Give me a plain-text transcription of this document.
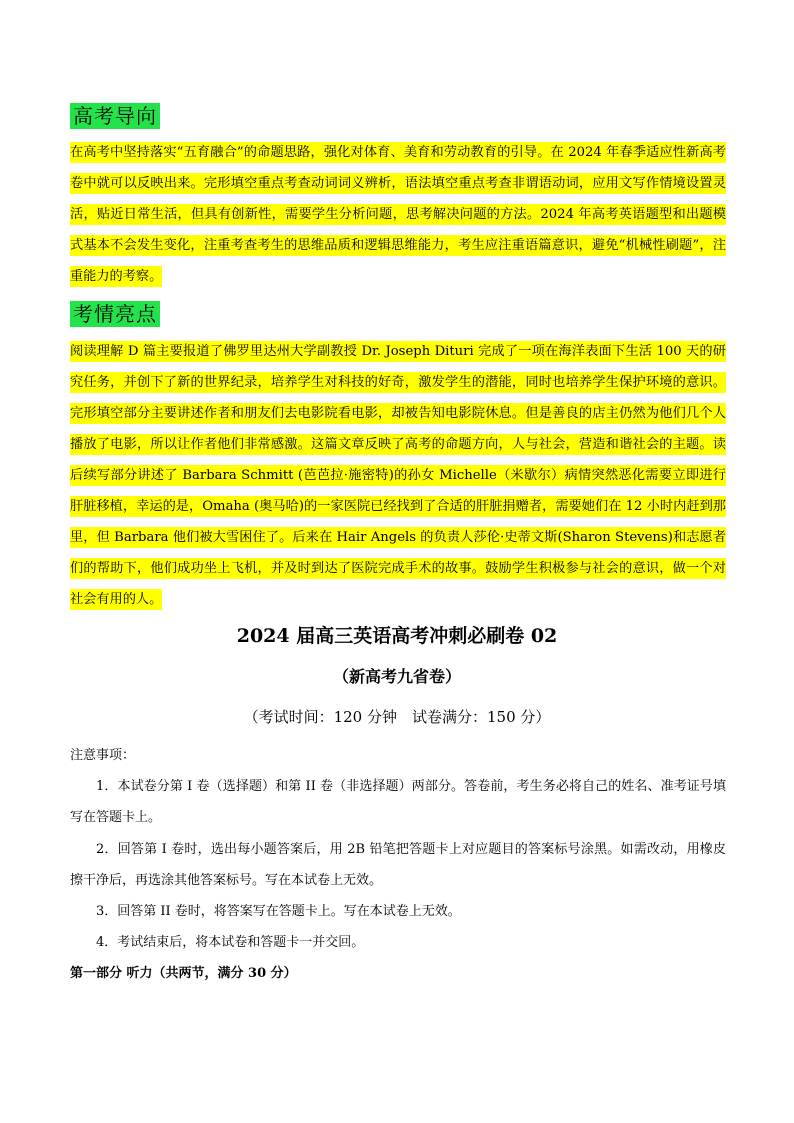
高考导向

在高考中坚持落实“五育融合”的命题思路，强化对体育、美育和劳动教育的引导。在 2024 年春季适应性新高考卷中就可以反映出来。完形填空重点考查动词词义辨析，语法填空重点考查非谓语动词，应用文写作情境设置灵活，贴近日常生活，但具有创新性，需要学生分析问题，思考解决问题的方法。2024 年高考英语题型和出题模式基本不会发生变化，注重考查考生的思维品质和逻辑思维能力，考生应注重语篇意识，避免“机械性刷题”，注重能力的考察。

考情亮点

阅读理解 D 篇主要报道了佛罗里达州大学副教授 Dr. Joseph Dituri 完成了一项在海洋表面下生活 100 天的研究任务，并创下了新的世界纪录，培养学生对科技的好奇，激发学生的潜能，同时也培养学生保护环境的意识。完形填空部分主要讲述作者和朋友们去电影院看电影，却被告知电影院休息。但是善良的店主仍然为他们几个人播放了电影，所以让作者他们非常感激。这篇文章反映了高考的命题方向，人与社会，营造和谐社会的主题。读后续写部分讲述了 Barbara Schmitt (芭芭拉·施密特)的孙女 Michelle（米歇尔）病情突然恶化需要立即进行肝脏移植，幸运的是，Omaha (奥马哈)的一家医院已经找到了合适的肝脏捐赠者，需要她们在 12 小时内赶到那里，但 Barbara 他们被大雪困住了。后来在 Hair Angels 的负责人莎伦·史蒂文斯(Sharon Stevens)和志愿者们的帮助下，他们成功坐上飞机，并及时到达了医院完成手术的故事。鼓励学生积极参与社会的意识，做一个对社会有用的人。

2024 届高三英语高考冲刺必刷卷 02
（新高考九省卷）
（考试时间：120 分钟　试卷满分：150 分）

注意事项：

1．本试卷分第 I 卷（选择题）和第 II 卷（非选择题）两部分。答卷前，考生务必将自己的姓名、准考证号填写在答题卡上。

2．回答第 I 卷时，选出每小题答案后，用 2B 铅笔把答题卡上对应题目的答案标号涂黑。如需改动，用橡皮擦干净后，再选涂其他答案标号。写在本试卷上无效。

3．回答第 II 卷时，将答案写在答题卡上。写在本试卷上无效。

4．考试结束后，将本试卷和答题卡一并交回。

第一部分 听力（共两节，满分 30 分）
